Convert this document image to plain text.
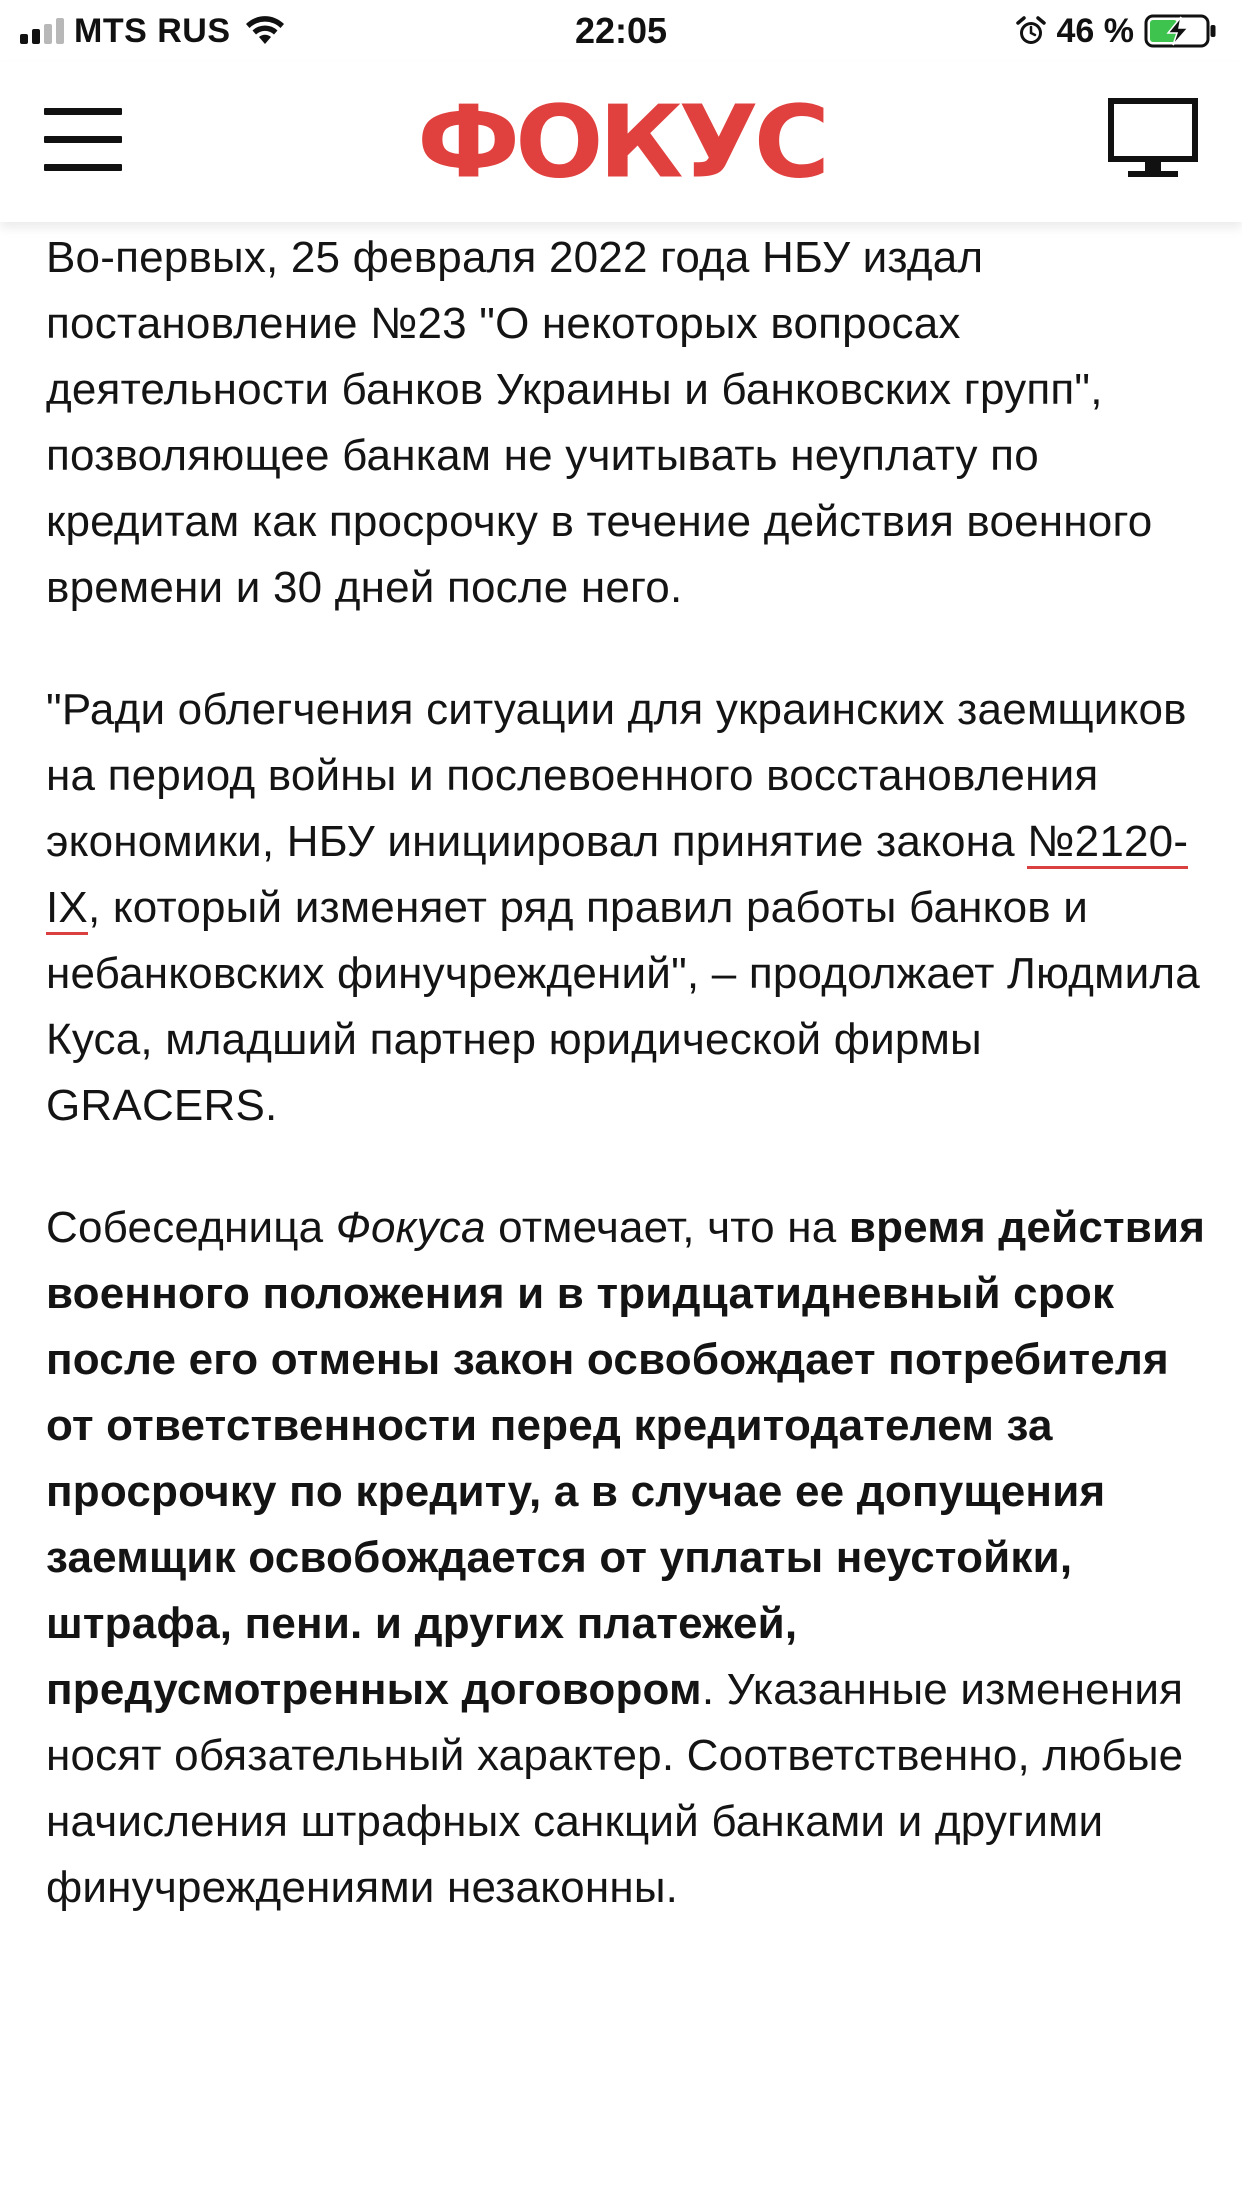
MTS RUS	22:05	46 %
ФОКУС

Во-первых, 25 февраля 2022 года НБУ издал постановление №23 "О некоторых вопросах деятельности банков Украины и банковских групп", позволяющее банкам не учитывать неуплату по кредитам как просрочку в течение действия военного времени и 30 дней после него.

"Ради облегчения ситуации для украинских заемщиков на период войны и послевоенного восстановления экономики, НБУ инициировал принятие закона №2120-IX, который изменяет ряд правил работы банков и небанковских финучреждений", – продолжает Людмила Куса, младший партнер юридической фирмы GRACERS.

Собеседница Фокуса отмечает, что на время действия военного положения и в тридцатидневный срок после его отмены закон освобождает потребителя от ответственности перед кредитодателем за просрочку по кредиту, а в случае ее допущения заемщик освобождается от уплаты неустойки, штрафа, пени. и других платежей, предусмотренных договором. Указанные изменения носят обязательный характер. Соответственно, любые начисления штрафных санкций банками и другими финучреждениями незаконны.
